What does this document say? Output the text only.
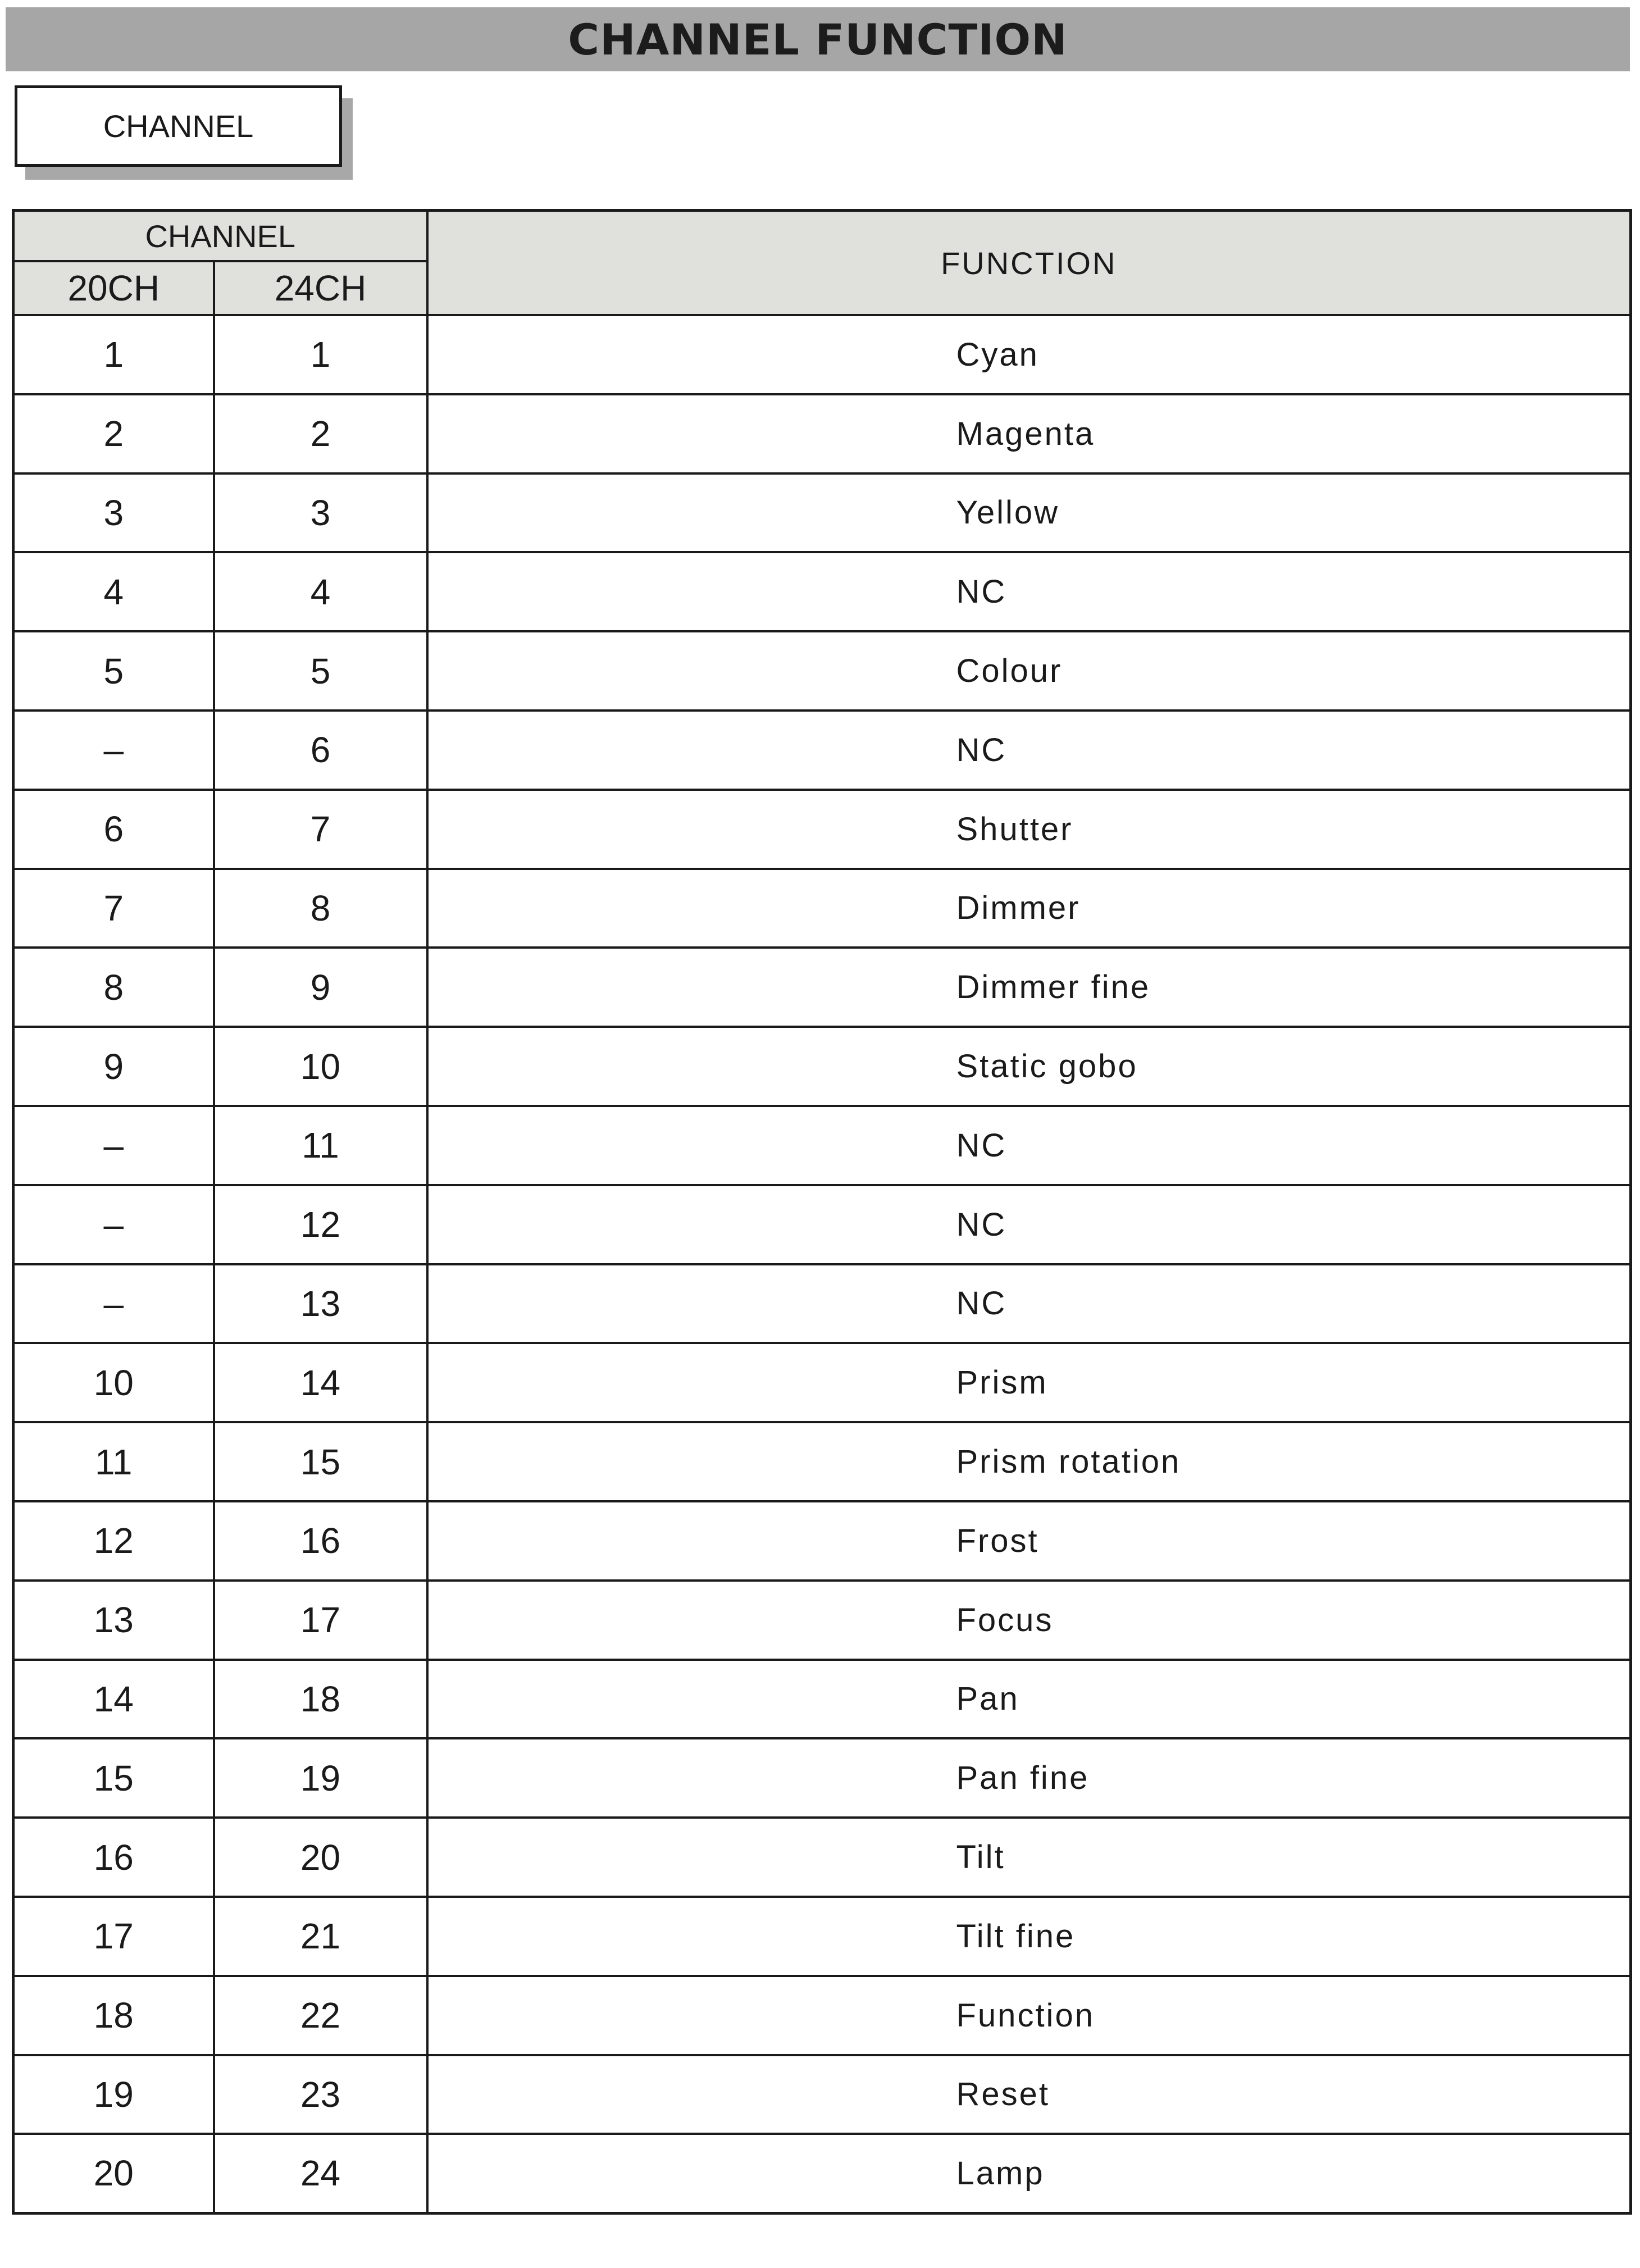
CHANNEL FUNCTION
CHANNEL
CHANNEL		FUNCTION
20CH	24CH	
1	1	Cyan
2	2	Magenta
3	3	Yellow
4	4	NC
5	5	Colour
–	6	NC
6	7	Shutter
7	8	Dimmer
8	9	Dimmer fine
9	10	Static gobo
–	11	NC
–	12	NC
–	13	NC
10	14	Prism
11	15	Prism rotation
12	16	Frost
13	17	Focus
14	18	Pan
15	19	Pan fine
16	20	Tilt
17	21	Tilt fine
18	22	Function
19	23	Reset
20	24	Lamp
